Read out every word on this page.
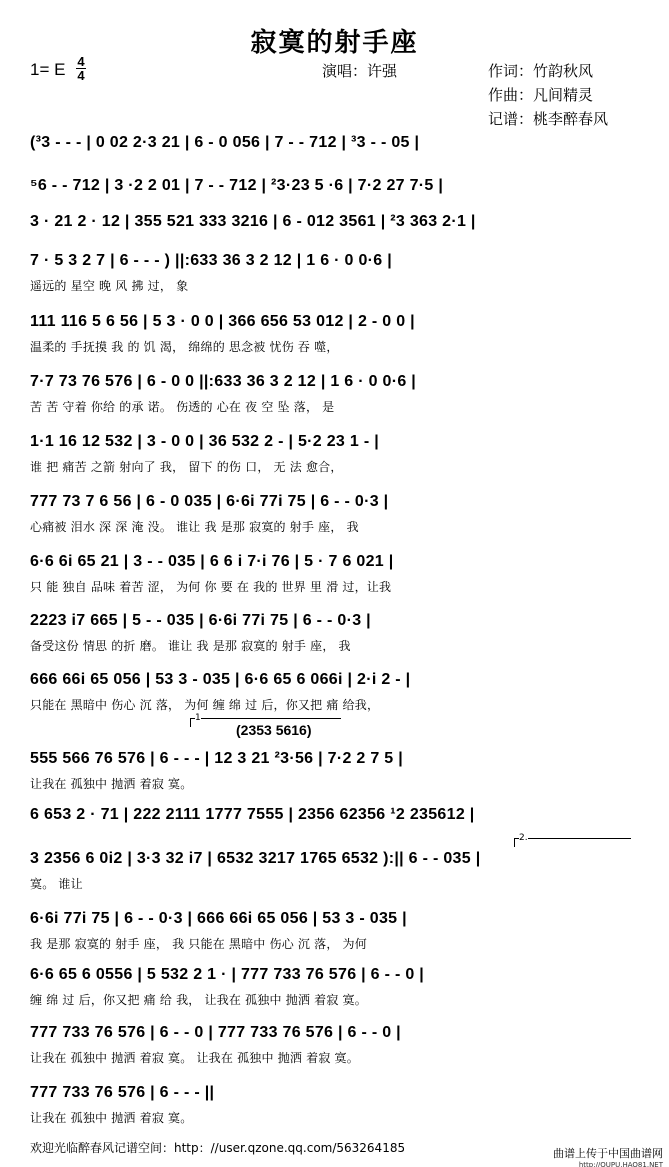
寂寞的射手座
1= E 4
4	演唱：许强	作词：竹韵秋风
作曲：凡间精灵
记谱：桃李醉春风
(³3 - - - | 0 02 2·3 21 | 6 - 0 056 | 7 - - 712 | ³3 - - 05 |
⁵6 - - 712 | 3 ·2 2 01 | 7 - - 712 | ²3·23 5 ·6 | 7·2 27 7·5 |
3 · 21 2 · 12 | 355 521 333 3216 | 6 - 012 3561 | ²3 363 2·1 |
7 · 5 3 2 7 | 6 - - - ) ||:633 36 3 2 12 | 1 6 · 0 0·6 |
遥远的 星空 晚 风 拂 过， 象
111 116 5 6 56 | 5 3 · 0 0 | 366 656 53 012 | 2 - 0 0 |
温柔的 手抚摸 我 的 饥 渴， 绵绵的 思念被 忧伤 吞 噬，
7·7 73 76 576 | 6 - 0 0 ||:633 36 3 2 12 | 1 6 · 0 0·6 |
苦 苦 守着 你给 的承 诺。 伤透的 心在 夜 空 坠 落， 是
1·1 16 12 532 | 3 - 0 0 | 36 532 2 - | 5·2 23 1 - |
谁 把 痛苦 之箭 射向了 我， 留下 的伤 口， 无 法 愈合，
777 73 7 6 56 | 6 - 0 035 | 6·6i 77i 75 | 6 - - 0·3 |
心痛被 泪水 深 深 淹 没。 谁让 我 是那 寂寞的 射手 座， 我
6·6 6i 65 21 | 3 - - 035 | 6 6 i 7·i 76 | 5 · 7 6 021 |
只 能 独自 品味 着苦 涩， 为何 你 要 在 我的 世界 里 滑 过，让我
2223 i7 665 | 5 - - 035 | 6·6i 77i 75 | 6 - - 0·3 |
备受这份 情思 的折 磨。 谁让 我 是那 寂寞的 射手 座， 我
666 66i 65 056 | 53 3 - 035 | 6·6 65 6 066i | 2·i 2 - |
只能在 黑暗中 伤心 沉 落， 为何 缠 绵 过 后，你又把 痛 给我，
555 566 76 576 | 6 - - - | 12 3 21 ²3·56 | 7·2 2 7 5 |
让我在 孤独中 抛洒 着寂 寞。
6 653 2 · 71 | 222 2111 1777 7555 | 2356 62356 ¹2 235612 |
3 2356 6 0i2 | 3·3 32 i7 | 6532 3217 1765 6532 ):|| 6 - - 035 |
寞。 谁让
6·6i 77i 75 | 6 - - 0·3 | 666 66i 65 056 | 53 3 - 035 |
我 是那 寂寞的 射手 座， 我 只能在 黑暗中 伤心 沉 落， 为何
6·6 65 6 0556 | 5 532 2 1 · | 777 733 76 576 | 6 - - 0 |
缠 绵 过 后，你又把 痛 给 我， 让我在 孤独中 抛洒 着寂 寞。
777 733 76 576 | 6 - - 0 | 777 733 76 576 | 6 - - 0 |
让我在 孤独中 抛洒 着寂 寞。 让我在 孤独中 抛洒 着寂 寞。
777 733 76 576 | 6 - - - ||
让我在 孤独中 抛洒 着寂 寞。
(2353 5616)
1
2.
欢迎光临醉春风记谱空间：http：//user.qzone.qq.com/563264185	曲谱上传于中国曲谱网
http://QUPU.HAO81.NET
